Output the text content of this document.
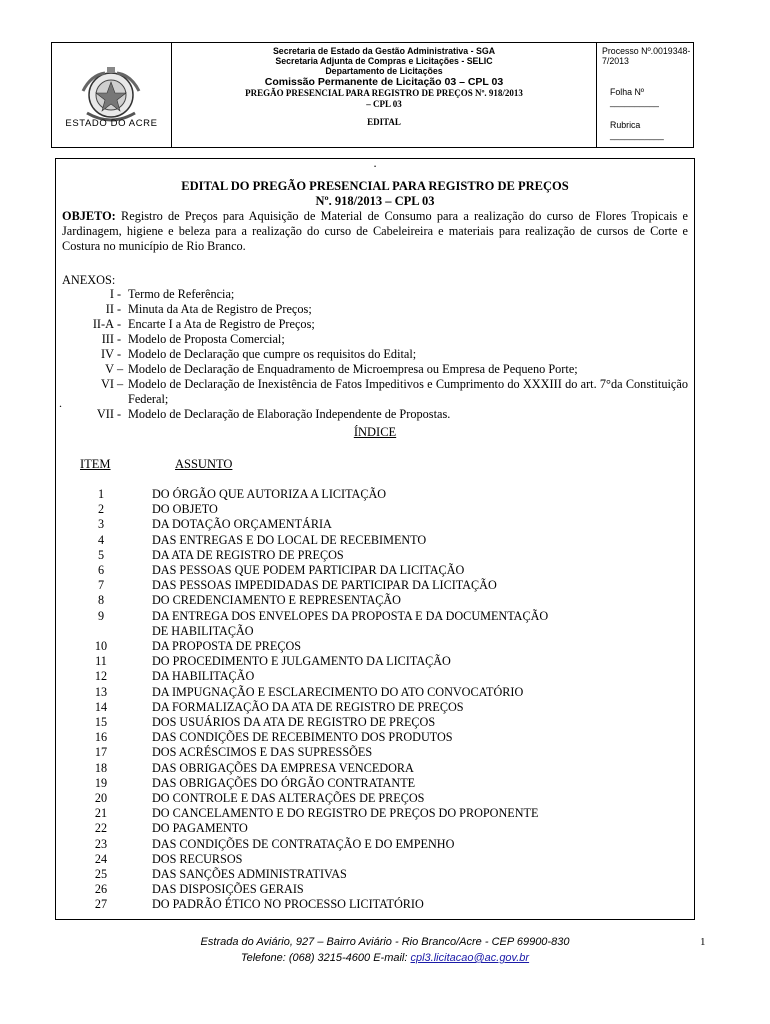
ESTADO DO ACRE
Secretaria de Estado da Gestão Administrativa - SGA
Secretaria Adjunta de Compras e Licitações - SELIC
Departamento de Licitações
Comissão Permanente de Licitação 03 – CPL 03
PREGÃO PRESENCIAL PARA REGISTRO DE PREÇOS Nº. 918/2013
– CPL 03
EDITAL
Processo Nº.0019348-7/2013
Folha Nº __________
Rubrica ___________
.
EDITAL DO PREGÃO PRESENCIAL PARA REGISTRO DE PREÇOS
Nº. 918/2013 – CPL 03
OBJETO: Registro de Preços para Aquisição de Material de Consumo para a realização do curso de Flores Tropicais e Jardinagem, higiene e beleza para a realização do curso de Cabeleireira e materiais para realização de cursos de Corte e Costura no município de Rio Branco.
ANEXOS:
I - Termo de Referência;
II - Minuta da Ata de Registro de Preços;
II-A - Encarte I a Ata de Registro de Preços;
III - Modelo de Proposta Comercial;
IV - Modelo de Declaração que cumpre os requisitos do Edital;
V – Modelo de Declaração de Enquadramento de Microempresa ou Empresa de Pequeno Porte;
VI – Modelo de Declaração de Inexistência de Fatos Impeditivos e Cumprimento do XXXIII do art. 7°da Constituição Federal;
VII - Modelo de Declaração de Elaboração Independente de Propostas.
.
ÍNDICE
ITEM	ASSUNTO
1	DO ÓRGÃO QUE AUTORIZA A LICITAÇÃO
2	DO OBJETO
3	DA DOTAÇÃO ORÇAMENTÁRIA
4	DAS ENTREGAS E DO LOCAL DE RECEBIMENTO
5	DA ATA DE REGISTRO DE PREÇOS
6	DAS PESSOAS QUE PODEM PARTICIPAR DA LICITAÇÃO
7	DAS PESSOAS IMPEDIDADAS DE PARTICIPAR DA LICITAÇÃO
8	DO CREDENCIAMENTO E REPRESENTAÇÃO
9	DA ENTREGA DOS ENVELOPES DA PROPOSTA E DA DOCUMENTAÇÃO
DE HABILITAÇÃO
10	DA PROPOSTA DE PREÇOS
11	DO PROCEDIMENTO E JULGAMENTO DA LICITAÇÃO
12	DA HABILITAÇÃO
13	DA IMPUGNAÇÃO E ESCLARECIMENTO DO ATO CONVOCATÓRIO
14	DA FORMALIZAÇÃO DA ATA DE REGISTRO DE PREÇOS
15	DOS USUÁRIOS DA ATA DE REGISTRO DE PREÇOS
16	DAS CONDIÇÕES DE RECEBIMENTO DOS PRODUTOS
17	DOS ACRÉSCIMOS E DAS SUPRESSÕES
18	DAS OBRIGAÇÕES DA EMPRESA VENCEDORA
19	DAS OBRIGAÇÕES DO ÓRGÃO CONTRATANTE
20	DO CONTROLE E DAS ALTERAÇÕES DE PREÇOS
21	DO CANCELAMENTO E DO REGISTRO DE PREÇOS DO PROPONENTE
22	DO PAGAMENTO
23	DAS CONDIÇÕES DE CONTRATAÇÃO E DO EMPENHO
24	DOS RECURSOS
25	DAS SANÇÕES ADMINISTRATIVAS
26	DAS DISPOSIÇÕES GERAIS
27	DO PADRÃO ÉTICO NO PROCESSO LICITATÓRIO
Estrada do Aviário, 927 – Bairro Aviário - Rio Branco/Acre - CEP 69900-830
Telefone: (068) 3215-4600 E-mail: cpl3.licitacao@ac.gov.br
1
